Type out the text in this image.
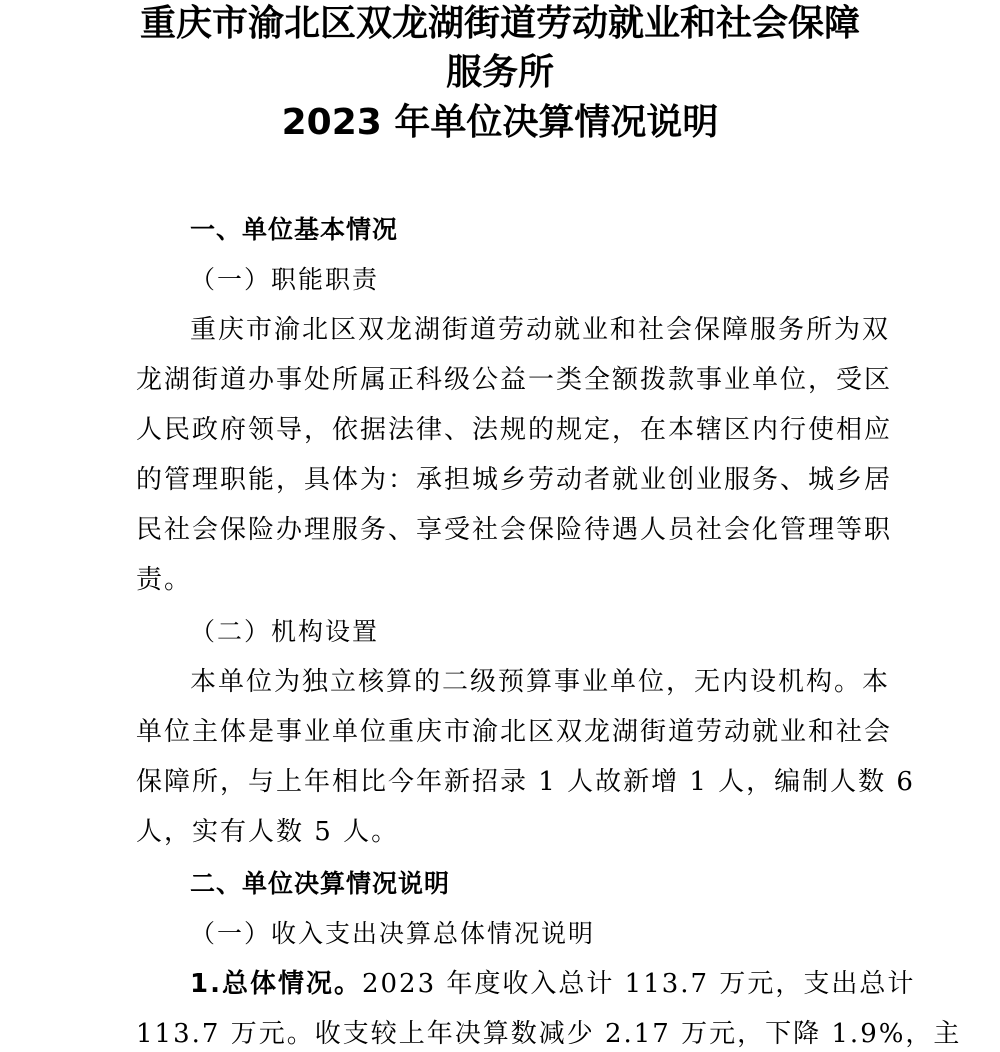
重庆市渝北区双龙湖街道劳动就业和社会保障
服务所
2023 年单位决算情况说明
一、单位基本情况
（一）职能职责
重庆市渝北区双龙湖街道劳动就业和社会保障服务所为双
龙湖街道办事处所属正科级公益一类全额拨款事业单位，受区
人民政府领导，依据法律、法规的规定，在本辖区内行使相应
的管理职能，具体为：承担城乡劳动者就业创业服务、城乡居
民社会保险办理服务、享受社会保险待遇人员社会化管理等职
责。
（二）机构设置
本单位为独立核算的二级预算事业单位，无内设机构。本
单位主体是事业单位重庆市渝北区双龙湖街道劳动就业和社会
保障所，与上年相比今年新招录 1 人故新增 1 人，编制人数 6
人，实有人数 5 人。
二、单位决算情况说明
（一）收入支出决算总体情况说明
1.总体情况。2023 年度收入总计 113.7 万元，支出总计
113.7 万元。收支较上年决算数减少 2.17 万元，下降 1.9%，主
